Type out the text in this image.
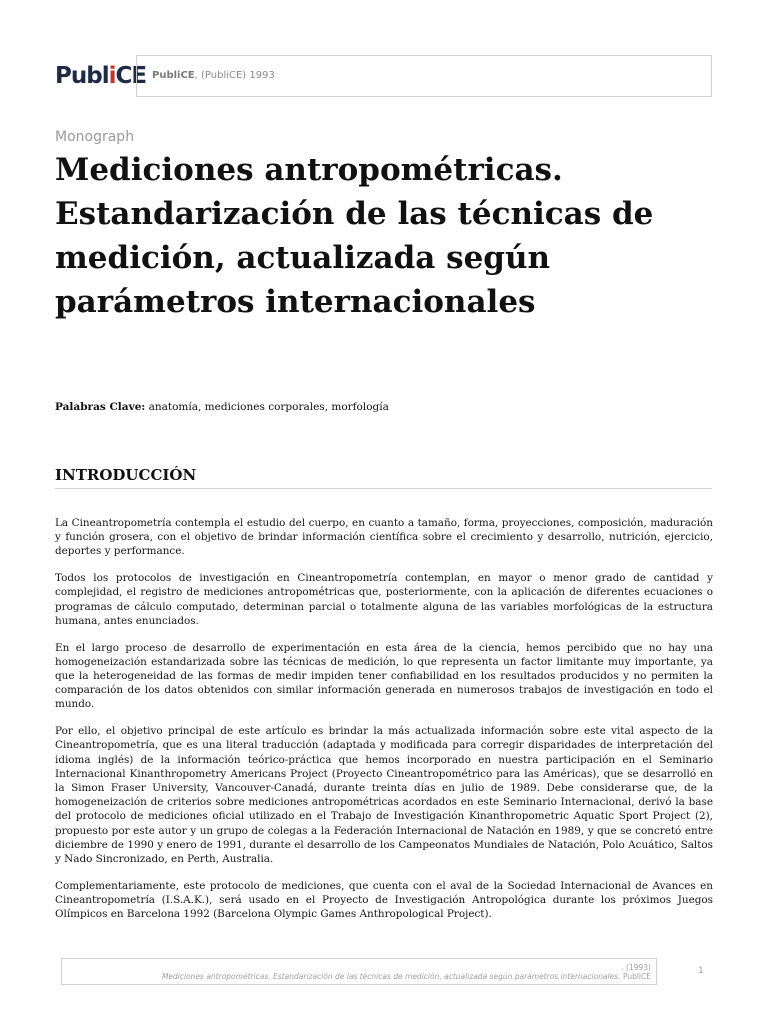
PubliCE PubliCE, (PubliCE) 1993
Monograph
Mediciones antropométricas. Estandarización de las técnicas de medición, actualizada según parámetros internacionales
Palabras Clave: anatomía, mediciones corporales, morfología
INTRODUCCIÓN

La Cineantropometría contempla el estudio del cuerpo, en cuanto a tamaño, forma, proyecciones, composición, maduración y función grosera, con el objetivo de brindar información científica sobre el crecimiento y desarrollo, nutrición, ejercicio, deportes y performance.

Todos los protocolos de investigación en Cineantropometría contemplan, en mayor o menor grado de cantidad y complejidad, el registro de mediciones antropométricas que, posteriormente, con la aplicación de diferentes ecuaciones o programas de cálculo computado, determinan parcial o totalmente alguna de las variables morfológicas de la estructura humana, antes enunciados.

En el largo proceso de desarrollo de experimentación en esta área de la ciencia, hemos percibido que no hay una homogeneización estandarizada sobre las técnicas de medición, lo que representa un factor limitante muy importante, ya que la heterogeneidad de las formas de medir impiden tener confiabilidad en los resultados producidos y no permiten la comparación de los datos obtenidos con similar información generada en numerosos trabajos de investigación en todo el mundo.

Por ello, el objetivo principal de este artículo es brindar la más actualizada información sobre este vital aspecto de la Cineantropometría, que es una literal traducción (adaptada y modificada para corregir disparidades de interpretación del idioma inglés) de la información teórico-práctica que hemos incorporado en nuestra participación en el Seminario Internacional Kinanthropometry Americans Project (Proyecto Cineantropométrico para las Américas), que se desarrolló en la Simon Fraser University, Vancouver-Canadá, durante treinta días en julio de 1989. Debe considerarse que, de la homogeneización de criterios sobre mediciones antropométricas acordados en este Seminario Internacional, derivó la base del protocolo de mediciones oficial utilizado en el Trabajo de Investigación Kinanthropometric Aquatic Sport Project (2), propuesto por este autor y un grupo de colegas a la Federación Internacional de Natación en 1989, y que se concretó entre diciembre de 1990 y enero de 1991, durante el desarrollo de los Campeonatos Mundiales de Natación, Polo Acuático, Saltos y Nado Sincronizado, en Perth, Australia.

Complementariamente, este protocolo de mediciones, que cuenta con el aval de la Sociedad Internacional de Avances en Cineantropometría (I.S.A.K.), será usado en el Proyecto de Investigación Antropológica durante los próximos Juegos Olímpicos en Barcelona 1992 (Barcelona Olympic Games Anthropological Project).

. (1993)
Mediciones antropométricas. Estandarización de las técnicas de medición, actualizada según parámetros internacionales. PubliCE
1
